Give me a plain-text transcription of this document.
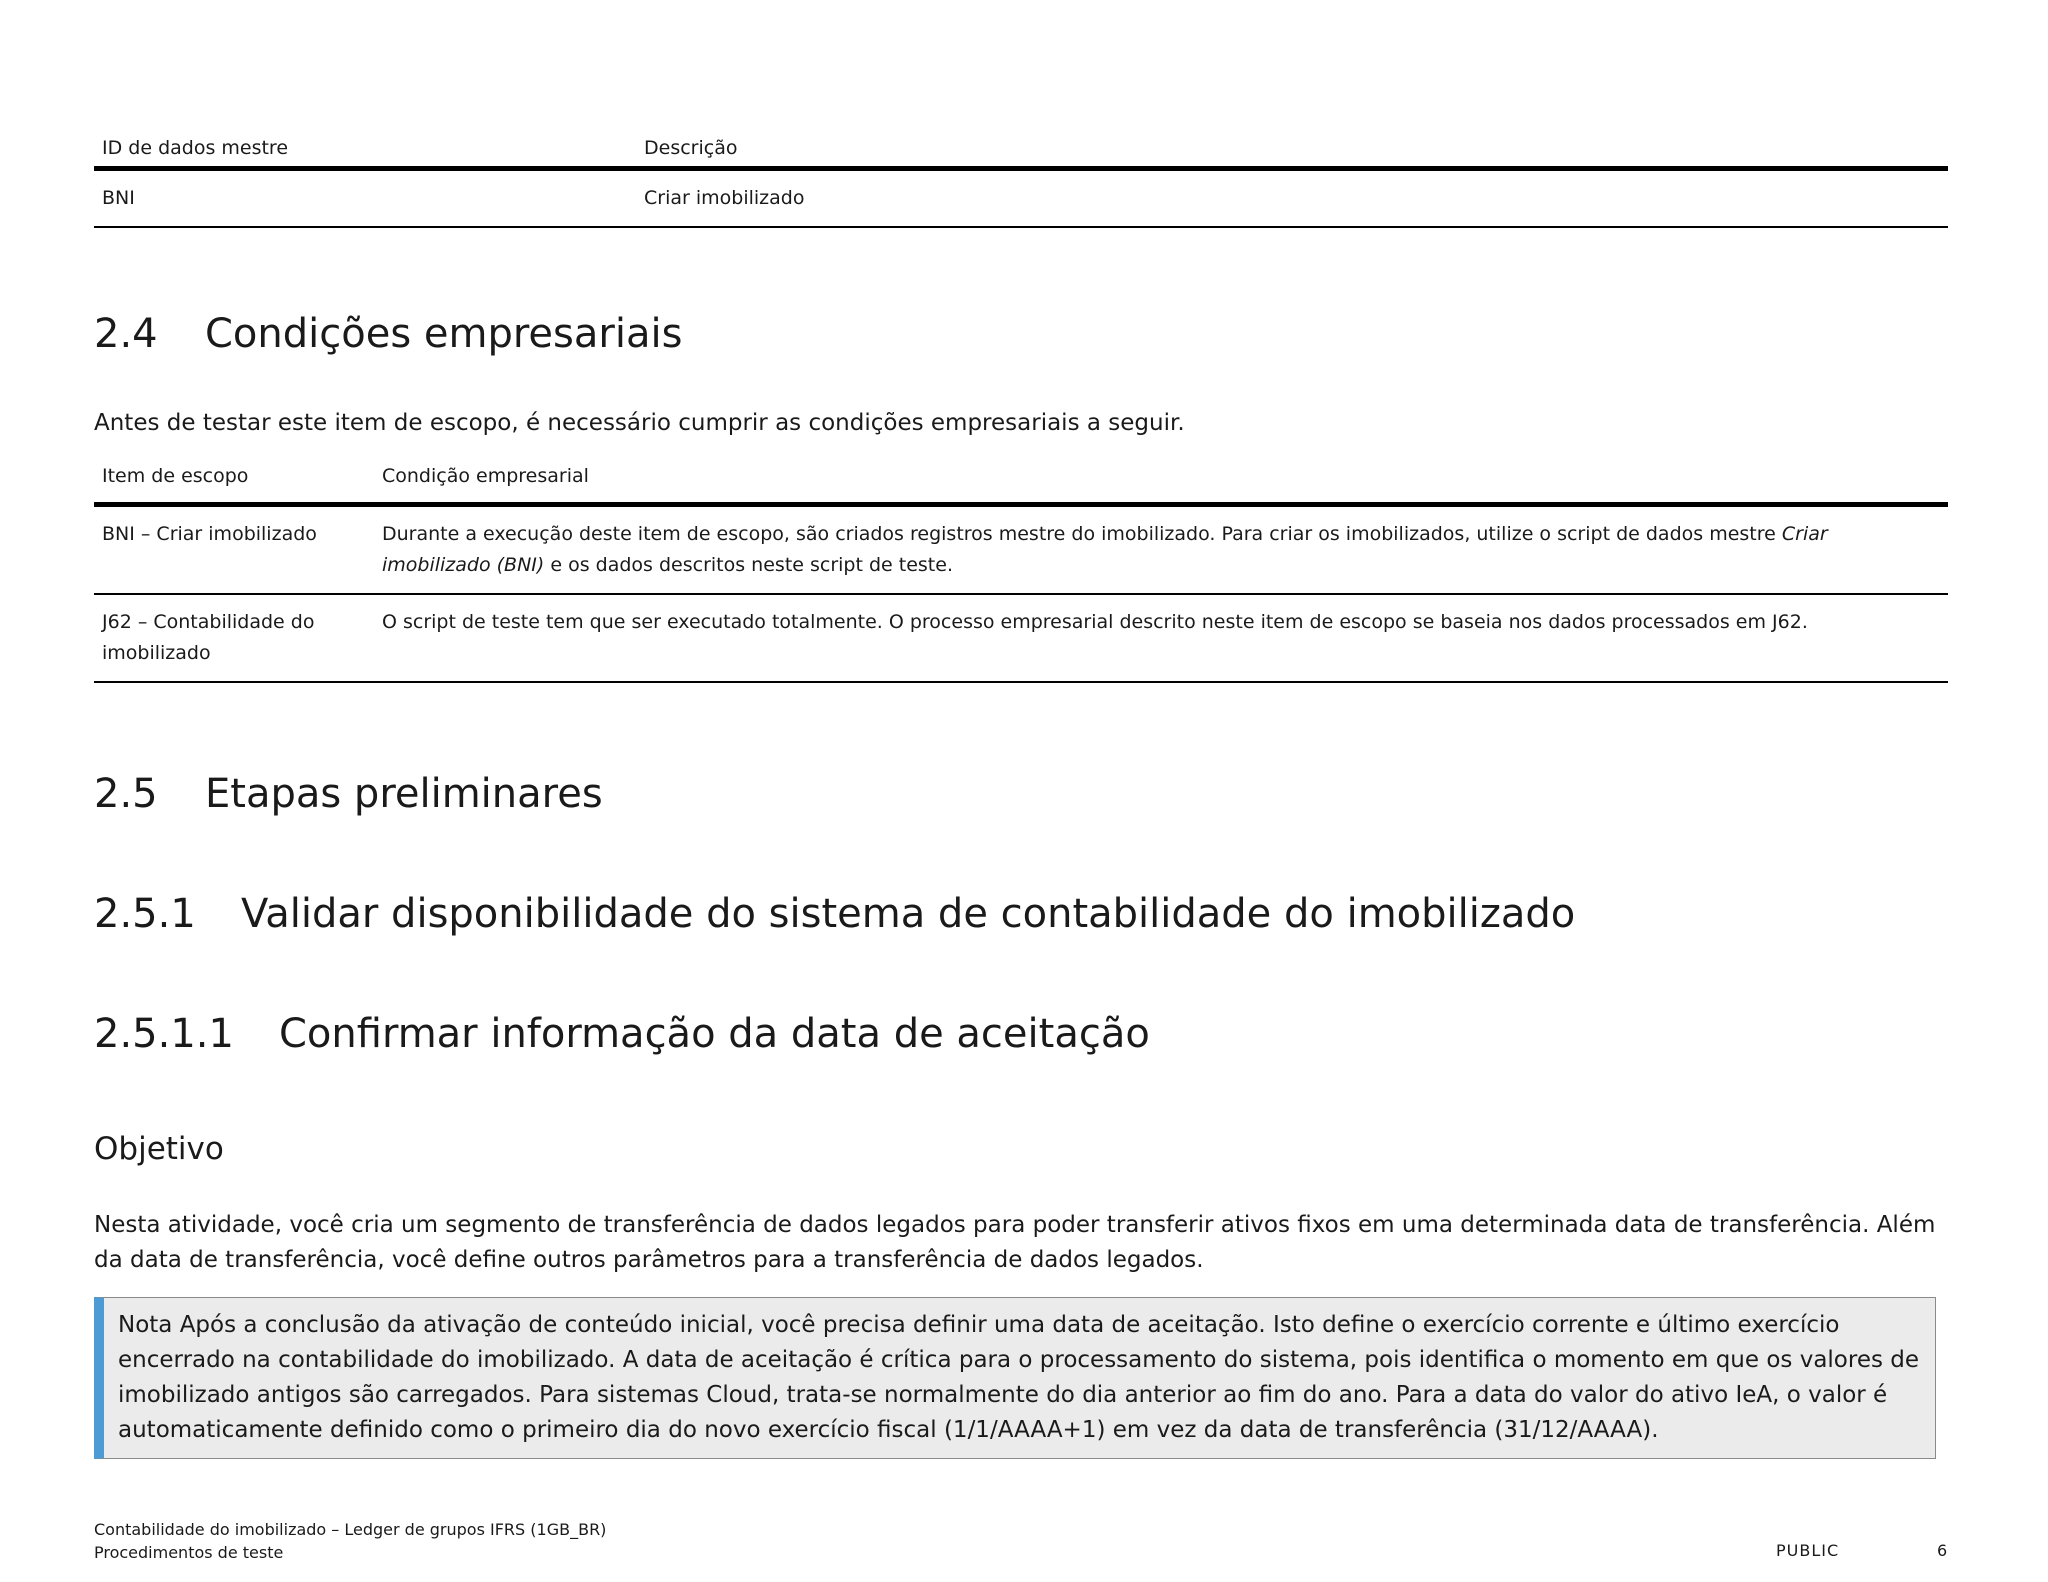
ID de dados mestre	Descrição
BNI	Criar imobilizado
2.4 Condições empresariais

Antes de testar este item de escopo, é necessário cumprir as condições empresariais a seguir.

Item de escopo	Condição empresarial
BNI – Criar imobilizado	Durante a execução deste item de escopo, são criados registros mestre do imobilizado. Para criar os imobilizados, utilize o script de dados mestre Criar imobilizado (BNI) e os dados descritos neste script de teste.
J62 – Contabilidade do imobilizado	O script de teste tem que ser executado totalmente. O processo empresarial descrito neste item de escopo se baseia nos dados processados em J62.
2.5 Etapas preliminares
2.5.1 Validar disponibilidade do sistema de contabilidade do imobilizado
2.5.1.1 Confirmar informação da data de aceitação
Objetivo

Nesta atividade, você cria um segmento de transferência de dados legados para poder transferir ativos fixos em uma determinada data de transferência. Além da data de transferência, você define outros parâmetros para a transferência de dados legados.

Nota Após a conclusão da ativação de conteúdo inicial, você precisa definir uma data de aceitação. Isto define o exercício corrente e último exercício encerrado na contabilidade do imobilizado. A data de aceitação é crítica para o processamento do sistema, pois identifica o momento em que os valores de imobilizado antigos são carregados. Para sistemas Cloud, trata-se normalmente do dia anterior ao fim do ano. Para a data do valor do ativo IeA, o valor é automaticamente definido como o primeiro dia do novo exercício fiscal (1/1/AAAA+1) em vez da data de transferência (31/12/AAAA).
Contabilidade do imobilizado – Ledger de grupos IFRS (1GB_BR)
Procedimentos de teste	PUBLIC	6
